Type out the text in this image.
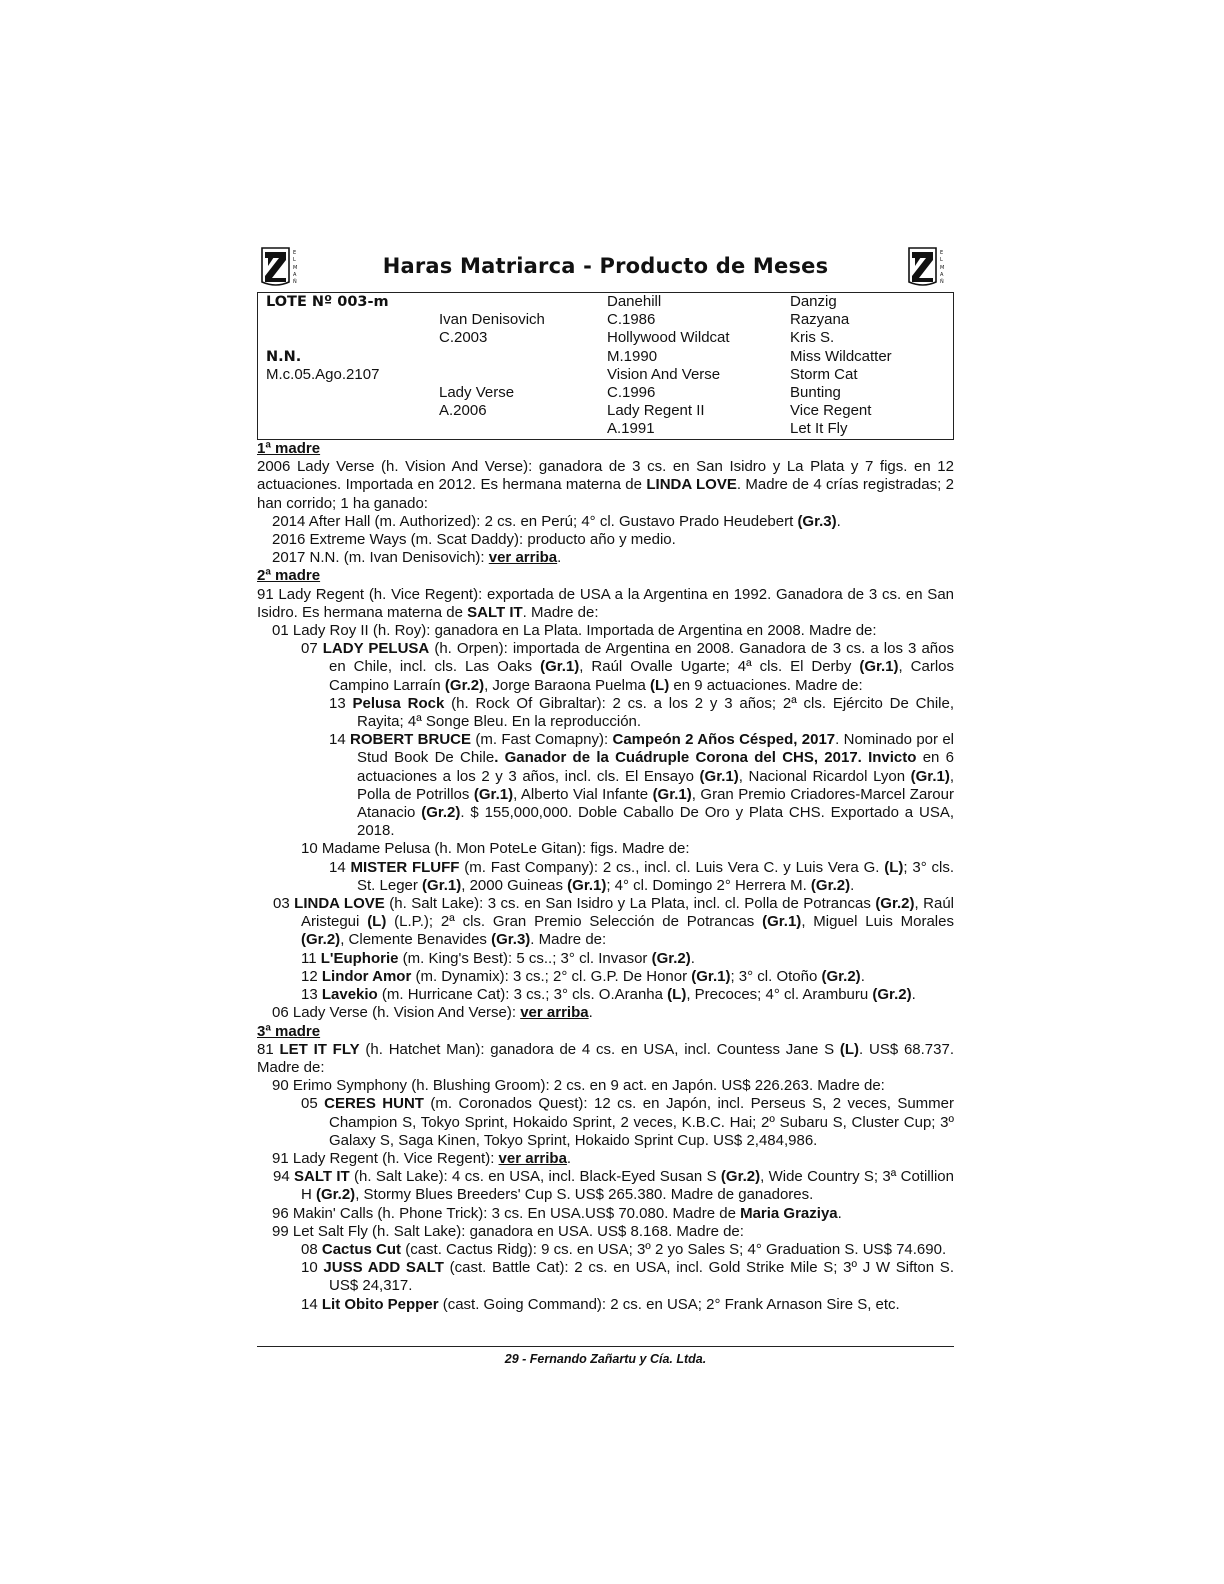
E
L
M
A
Ñ
Haras Matriarca - Producto de Meses
E
L
M
A
Ñ
LOTE Nº 003-m

N.N.
M.c.05.Ago.2107

Ivan Denisovich
C.2003

Lady Verse
A.2006
Danehill
C.1986
Hollywood Wildcat
M.1990
Vision And Verse
C.1996
Lady Regent II
A.1991
Danzig
Razyana
Kris S.
Miss Wildcatter
Storm Cat
Bunting
Vice Regent
Let It Fly

1ª madre

2006 Lady Verse (h. Vision And Verse): ganadora de 3 cs. en San Isidro y La Plata y 7 figs. en 12 actuaciones. Importada en 2012. Es hermana materna de LINDA LOVE. Madre de 4 crías registradas; 2 han corrido; 1 ha ganado:

2014 After Hall (m. Authorized): 2 cs. en Perú; 4° cl. Gustavo Prado Heudebert (Gr.3).

2016 Extreme Ways (m. Scat Daddy): producto año y medio.

2017 N.N. (m. Ivan Denisovich): ver arriba.

2ª madre

91 Lady Regent (h. Vice Regent): exportada de USA a la Argentina en 1992. Ganadora de 3 cs. en San Isidro. Es hermana materna de SALT IT. Madre de:

01 Lady Roy II (h. Roy): ganadora en La Plata. Importada de Argentina en 2008. Madre de:

07 LADY PELUSA (h. Orpen): importada de Argentina en 2008. Ganadora de 3 cs. a los 3 años en Chile, incl. cls. Las Oaks (Gr.1), Raúl Ovalle Ugarte; 4ª cls. El Derby (Gr.1), Carlos Campino Larraín (Gr.2), Jorge Baraona Puelma (L) en 9 actuaciones. Madre de:

13 Pelusa Rock (h. Rock Of Gibraltar): 2 cs. a los 2 y 3 años; 2ª cls. Ejército De Chile, Rayita; 4ª Songe Bleu. En la reproducción.

14 ROBERT BRUCE (m. Fast Comapny): Campeón 2 Años Césped, 2017. Nominado por el Stud Book De Chile. Ganador de la Cuádruple Corona del CHS, 2017. Invicto en 6 actuaciones a los 2 y 3 años, incl. cls. El Ensayo (Gr.1), Nacional Ricardol Lyon (Gr.1), Polla de Potrillos (Gr.1), Alberto Vial Infante (Gr.1), Gran Premio Criadores-Marcel Zarour Atanacio (Gr.2). $ 155,000,000. Doble Caballo De Oro y Plata CHS. Exportado a USA, 2018.

10 Madame Pelusa (h. Mon PoteLe Gitan): figs. Madre de:

14 MISTER FLUFF (m. Fast Company): 2 cs., incl. cl. Luis Vera C. y Luis Vera G. (L); 3° cls. St. Leger (Gr.1), 2000 Guineas (Gr.1); 4° cl. Domingo 2° Herrera M. (Gr.2).

03 LINDA LOVE (h. Salt Lake): 3 cs. en San Isidro y La Plata, incl. cl. Polla de Potrancas (Gr.2), Raúl Aristegui (L) (L.P.); 2ª cls. Gran Premio Selección de Potrancas (Gr.1), Miguel Luis Morales (Gr.2), Clemente Benavides (Gr.3). Madre de:

11 L'Euphorie (m. King's Best): 5 cs..; 3° cl. Invasor (Gr.2).

12 Lindor Amor (m. Dynamix): 3 cs.; 2° cl. G.P. De Honor (Gr.1); 3° cl. Otoño (Gr.2).

13 Lavekio (m. Hurricane Cat): 3 cs.; 3° cls. O.Aranha (L), Precoces; 4° cl. Aramburu (Gr.2).

06 Lady Verse (h. Vision And Verse): ver arriba.

3ª madre

81 LET IT FLY (h. Hatchet Man): ganadora de 4 cs. en USA, incl. Countess Jane S (L). US$ 68.737. Madre de:

90 Erimo Symphony (h. Blushing Groom): 2 cs. en 9 act. en Japón. US$ 226.263. Madre de:

05 CERES HUNT (m. Coronados Quest): 12 cs. en Japón, incl. Perseus S, 2 veces, Summer Champion S, Tokyo Sprint, Hokaido Sprint, 2 veces, K.B.C. Hai; 2º Subaru S, Cluster Cup; 3º Galaxy S, Saga Kinen, Tokyo Sprint, Hokaido Sprint Cup. US$ 2,484,986.

91 Lady Regent (h. Vice Regent): ver arriba.

94 SALT IT (h. Salt Lake): 4 cs. en USA, incl. Black-Eyed Susan S (Gr.2), Wide Country S; 3ª Cotillion H (Gr.2), Stormy Blues Breeders' Cup S. US$ 265.380. Madre de ganadores.

96 Makin' Calls (h. Phone Trick): 3 cs. En USA.US$ 70.080. Madre de Maria Graziya.

99 Let Salt Fly (h. Salt Lake): ganadora en USA. US$ 8.168. Madre de:

08 Cactus Cut (cast. Cactus Ridg): 9 cs. en USA; 3º 2 yo Sales S; 4° Graduation S. US$ 74.690.

10 JUSS ADD SALT (cast. Battle Cat): 2 cs. en USA, incl. Gold Strike Mile S; 3º J W Sifton S. US$ 24,317.

14 Lit Obito Pepper (cast. Going Command): 2 cs. en USA; 2° Frank Arnason Sire S, etc.

29 - Fernando Zañartu y Cía. Ltda.
